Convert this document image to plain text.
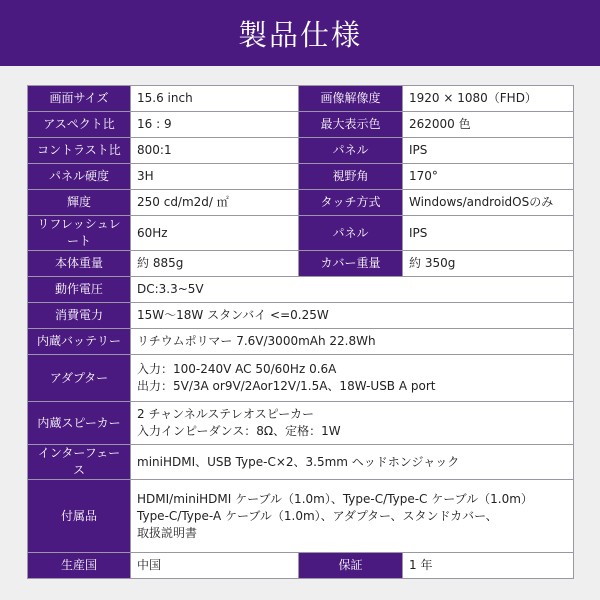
製品仕様
画面サイズ	15.6 inch	画像解像度	1920 × 1080（FHD）
アスペクト比	16 : 9	最大表示色	262000 色
コントラスト比	800:1	パネル	IPS
パネル硬度	3H	視野角	170°
輝度	250 cd/m2d/ ㎡	タッチ方式	Windows/androidOSのみ
リフレッシュレート	60Hz	パネル	IPS
本体重量	約 885g	カバー重量	約 350g
動作電圧	DC:3.3~5V		
消費電力	15W～18W スタンバイ <=0.25W		
内蔵バッテリー	リチウムポリマー 7.6V/3000mAh 22.8Wh		
アダプター	入力：100-240V AC 50/60Hz 0.6A
出力：5V/3A or9V/2Aor12V/1.5A、18W-USB A port		

内蔵スピーカー	2 チャンネルステレオスピーカー
入力インピーダンス：8Ω、定格：1W		

インターフェース	miniHDMI、USB Type-C×2、3.5mm ヘッドホンジャック		
付属品	HDMI/miniHDMI ケーブル（1.0m）、Type-C/Type-C ケーブル（1.0m）
Type-C/Type-A ケーブル（1.0m）、アダプター、スタンドカバー、
取扱説明書		

生産国	中国	保証	1 年
